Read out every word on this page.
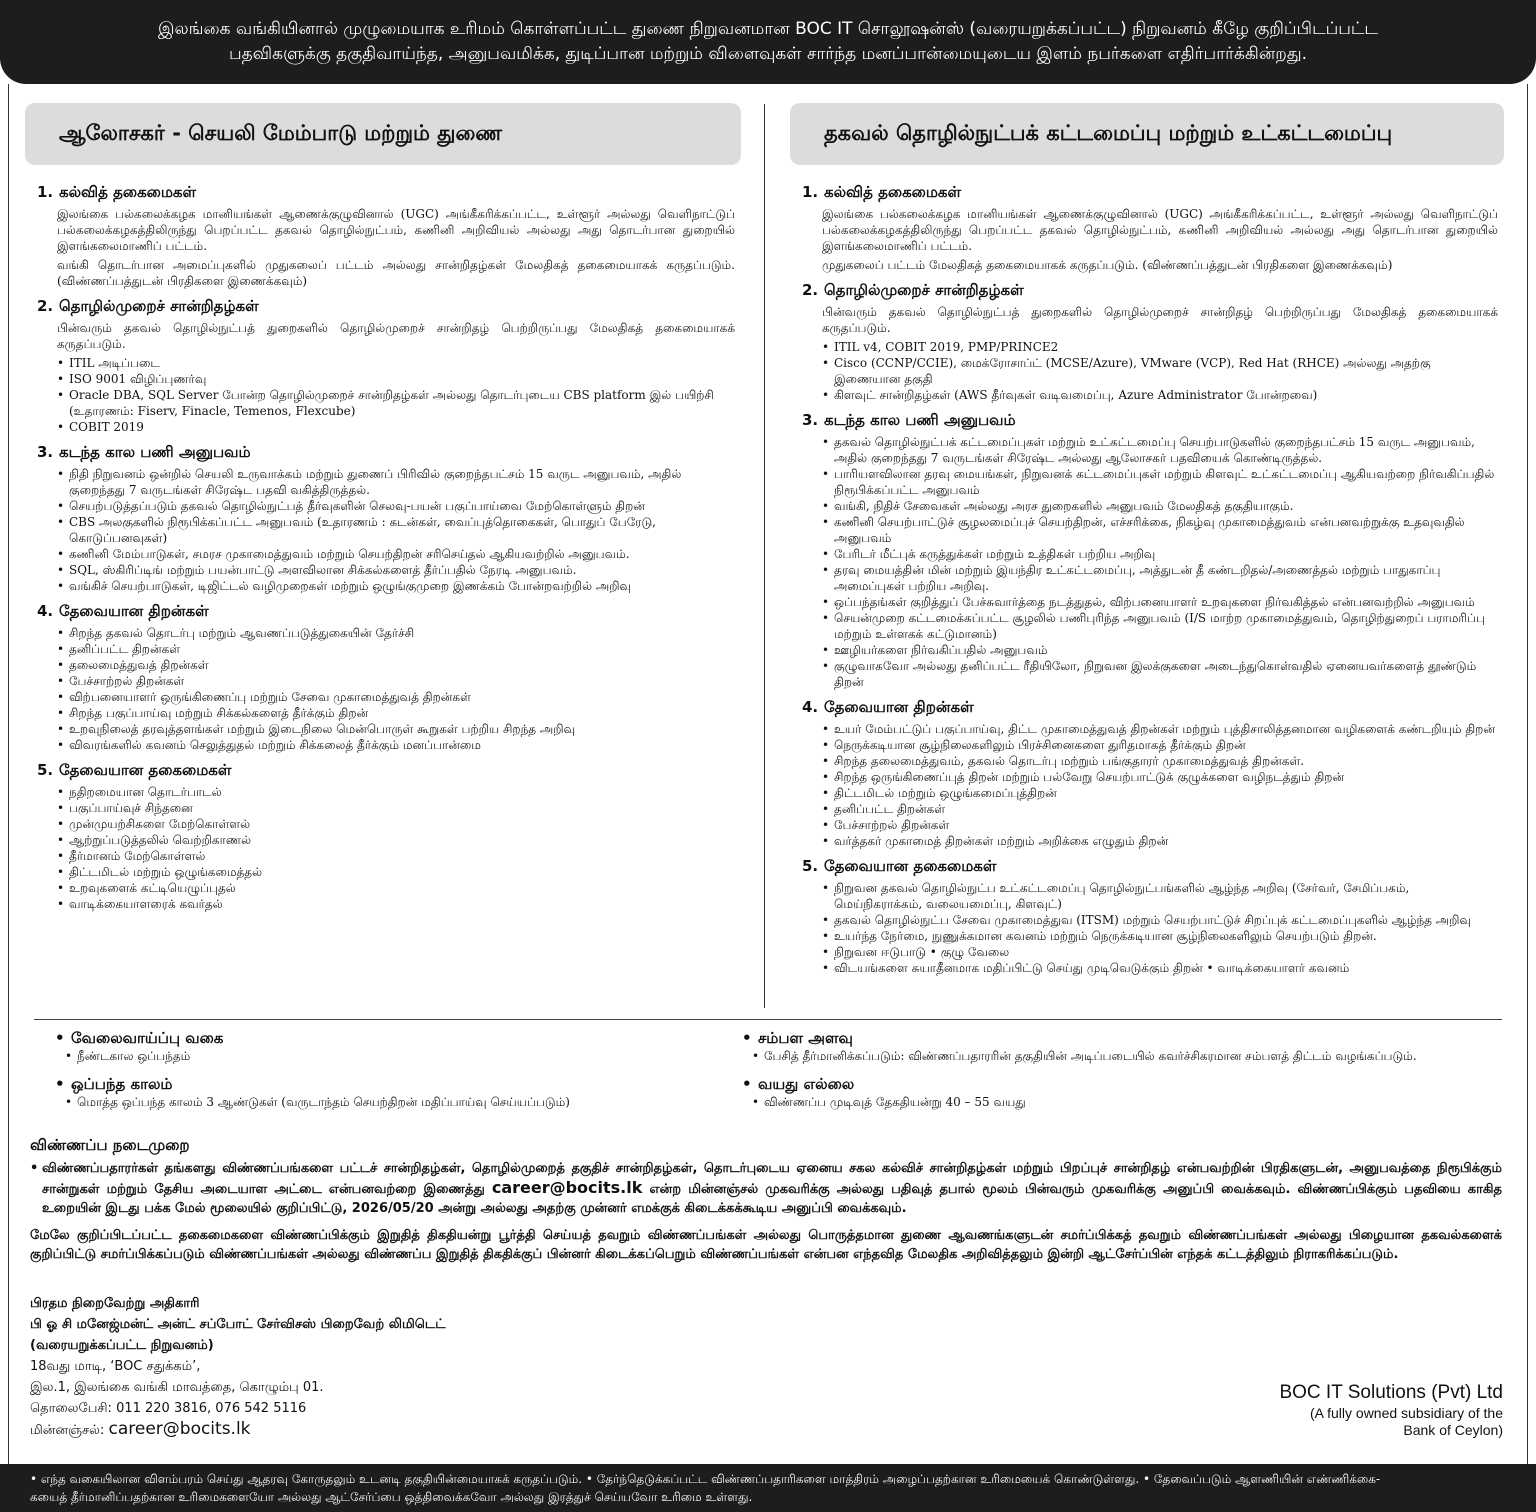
இலங்கை வங்கியினால் முழுமையாக உரிமம் கொள்ளப்பட்ட துணை நிறுவனமான BOC IT சொலூஷன்ஸ் (வரையறுக்கப்பட்ட) நிறுவனம் கீழே குறிப்பிடப்பட்ட
பதவிகளுக்கு தகுதிவாய்ந்த, அனுபவமிக்க, துடிப்பான மற்றும் விளைவுகள் சார்ந்த மனப்பான்மையுடைய இளம் நபர்களை எதிர்பார்க்கின்றது.
ஆலோசகர் - செயலி மேம்பாடு மற்றும் துணை
1. கல்வித் தகைமைகள்
இலங்கை பல்கலைக்கழக மானியங்கள் ஆணைக்குழுவினால் (UGC) அங்கீகரிக்கப்பட்ட, உள்ளூர் அல்லது வெளிநாட்டுப் பல்கலைக்கழகத்திலிருந்து பெறப்பட்ட தகவல் தொழில்நுட்பம், கணினி அறிவியல் அல்லது அது தொடர்பான துறையில் இளங்கலைமாணிப் பட்டம்.
வங்கி தொடர்பான அமைப்புகளில் முதுகலைப் பட்டம் அல்லது சான்றிதழ்கள் மேலதிகத் தகைமையாகக் கருதப்படும். (விண்ணப்பத்துடன் பிரதிகளை இணைக்கவும்)
2. தொழில்முறைச் சான்றிதழ்கள்
பின்வரும் தகவல் தொழில்நுட்பத் துறைகளில் தொழில்முறைச் சான்றிதழ் பெற்றிருப்பது மேலதிகத் தகைமையாகக் கருதப்படும்.
• ITIL அடிப்படை
• ISO 9001 விழிப்புணர்வு
• Oracle DBA, SQL Server போன்ற தொழில்முறைச் சான்றிதழ்கள் அல்லது தொடர்புடைய CBS platform இல் பயிற்சி (உதாரணம்: Fiserv, Finacle, Temenos, Flexcube)
• COBIT 2019
3. கடந்த கால பணி அனுபவம்
• நிதி நிறுவனம் ஒன்றில் செயலி உருவாக்கம் மற்றும் துணைப் பிரிவில் குறைந்தபட்சம் 15 வருட அனுபவம், அதில் குறைந்தது 7 வருடங்கள் சிரேஷ்ட பதவி வகித்திருத்தல்.
• செயற்படுத்தப்படும் தகவல் தொழில்நுட்பத் தீர்வுகளின் செலவு-பயன் பகுப்பாய்வை மேற்கொள்ளும் திறன்
• CBS அலகுகளில் நிரூபிக்கப்பட்ட அனுபவம் (உதாரணம் : கடன்கள், வைப்புத்தொகைகள், பொதுப் பேரேடு, கொடுப்பனவுகள்)
• கணினி மேம்பாடுகள், சமரச முகாமைத்துவம் மற்றும் செயற்திறன் சரிசெய்தல் ஆகியவற்றில் அனுபவம்.
• SQL, ஸ்கிரிப்டிங் மற்றும் பயன்பாட்டு அளவிலான சிக்கல்களைத் தீர்ப்பதில் நேரடி அனுபவம்.
• வங்கிச் செயற்பாடுகள், டிஜிட்டல் வழிமுறைகள் மற்றும் ஒழுங்குமுறை இணக்கம் போன்றவற்றில் அறிவு
4. தேவையான திறன்கள்
• சிறந்த தகவல் தொடர்பு மற்றும் ஆவணப்படுத்துகையின் தேர்ச்சி
• தனிப்பட்ட திறன்கள்
• தலைமைத்துவத் திறன்கள்
• பேச்சாற்றல் திறன்கள்
• விற்பனையாளர் ஒருங்கிணைப்பு மற்றும் சேவை முகாமைத்துவத் திறன்கள்
• சிறந்த பகுப்பாய்வு மற்றும் சிக்கல்களைத் தீர்க்கும் திறன்
• உறவுநிலைத் தரவுத்தளங்கள் மற்றும் இடைநிலை மென்பொருள் கூறுகள் பற்றிய சிறந்த அறிவு
• விவரங்களில் கவனம் செலுத்துதல் மற்றும் சிக்கலைத் தீர்க்கும் மனப்பான்மை
5. தேவையான தகைமைகள்
• நதிறமையான தொடர்பாடல்
• பகுப்பாய்வுச் சிந்தனை
• முன்முயற்சிகளை மேற்கொள்ளல்
• ஆற்றுப்படுத்தலில் வெற்றிகாணல்
• தீர்மானம் மேற்கொள்ளல்
• திட்டமிடல் மற்றும் ஒழுங்கமைத்தல்
• உறவுகளைக் கட்டியெழுப்புதல்
• வாடிக்கையாளரைக் கவர்தல்
தகவல் தொழில்நுட்பக் கட்டமைப்பு மற்றும் உட்கட்டமைப்பு
1. கல்வித் தகைமைகள்
இலங்கை பல்கலைக்கழக மானியங்கள் ஆணைக்குழுவினால் (UGC) அங்கீகரிக்கப்பட்ட, உள்ளூர் அல்லது வெளிநாட்டுப் பல்கலைக்கழகத்திலிருந்து பெறப்பட்ட தகவல் தொழில்நுட்பம், கணினி அறிவியல் அல்லது அது தொடர்பான துறையில் இளங்கலைமாணிப் பட்டம்.
முதுகலைப் பட்டம் மேலதிகத் தகைமையாகக் கருதப்படும். (விண்ணப்பத்துடன் பிரதிகளை இணைக்கவும்)
2. தொழில்முறைச் சான்றிதழ்கள்
பின்வரும் தகவல் தொழில்நுட்பத் துறைகளில் தொழில்முறைச் சான்றிதழ் பெற்றிருப்பது மேலதிகத் தகைமையாகக் கருதப்படும்.
• ITIL v4, COBIT 2019, PMP/PRINCE2
• Cisco (CCNP/CCIE), மைக்ரோசாப்ட் (MCSE/Azure), VMware (VCP), Red Hat (RHCE) அல்லது அதற்கு இணையான தகுதி
• கிளவுட் சான்றிதழ்கள் (AWS தீர்வுகள் வடிவமைப்பு, Azure Administrator போன்றவை)
3. கடந்த கால பணி அனுபவம்
• தகவல் தொழில்நுட்பக் கட்டமைப்புகள் மற்றும் உட்கட்டமைப்பு செயற்பாடுகளில் குறைந்தபட்சம் 15 வருட அனுபவம், அதில் குறைந்தது 7 வருடங்கள் சிரேஷ்ட அல்லது ஆலோசகர் பதவியைக் கொண்டிருத்தல்.
• பாரியளவிலான தரவு மையங்கள், நிறுவனக் கட்டமைப்புகள் மற்றும் கிளவுட் உட்கட்டமைப்பு ஆகியவற்றை நிர்வகிப்பதில் நிரூபிக்கப்பட்ட அனுபவம்
• வங்கி, நிதிச் சேவைகள் அல்லது அரச துறைகளில் அனுபவம் மேலதிகத் தகுதியாகும்.
• கணினி செயற்பாட்டுச் சூழலமைப்புச் செயற்திறன், எச்சரிக்கை, நிகழ்வு முகாமைத்துவம் என்பனவற்றுக்கு உதவுவதில் அனுபவம்
• பேரிடர் மீட்புக் கருத்துக்கள் மற்றும் உத்திகள் பற்றிய அறிவு
• தரவு மையத்தின் மின் மற்றும் இயந்திர உட்கட்டமைப்பு, அத்துடன் தீ கண்டறிதல்/அணைத்தல் மற்றும் பாதுகாப்பு அமைப்புகள் பற்றிய அறிவு.
• ஒப்பந்தங்கள் குறித்துப் பேச்சுவார்த்தை நடத்துதல், விற்பனையாளர் உறவுகளை நிர்வகித்தல் என்பனவற்றில் அனுபவம்
• செயன்முறை கட்டமைக்கப்பட்ட சூழலில் பணிபுரிந்த அனுபவம் (I/S மாற்ற முகாமைத்துவம், தொழிற்துறைப் பராமரிப்பு மற்றும் உள்ளகக் கட்டுமானம்)
• ஊழியர்களை நிர்வகிப்பதில் அனுபவம்
• குழுவாகவோ அல்லது தனிப்பட்ட ரீதியிலோ, நிறுவன இலக்குகளை அடைந்துகொள்வதில் ஏனையவர்களைத் தூண்டும் திறன்
4. தேவையான திறன்கள்
• உயர் மேம்பட்டுப் பகுப்பாய்வு, திட்ட முகாமைத்துவத் திறன்கள் மற்றும் புத்திசாலித்தனமான வழிகளைக் கண்டறியும் திறன்
• நெருக்கடியான சூழ்நிலைகளிலும் பிரச்சினைகளை துரிதமாகத் தீர்க்கும் திறன்
• சிறந்த தலைமைத்துவம், தகவல் தொடர்பு மற்றும் பங்குதாரர் முகாமைத்துவத் திறன்கள்.
• சிறந்த ஒருங்கிணைப்புத் திறன் மற்றும் பல்வேறு செயற்பாட்டுக் குழுக்களை வழிநடத்தும் திறன்
• திட்டமிடல் மற்றும் ஒழுங்கமைப்புத்திறன்
• தனிப்பட்ட திறன்கள்
• பேச்சாற்றல் திறன்கள்
• வர்த்தகர் முகாமைத் திறன்கள் மற்றும் அறிக்கை எழுதும் திறன்
5. தேவையான தகைமைகள்
• நிறுவன தகவல் தொழில்நுட்ப உட்கட்டமைப்பு தொழில்நுட்பங்களில் ஆழ்ந்த அறிவு (சேர்வர், சேமிப்பகம், மெய்நிகராக்கம், வலையமைப்பு, கிளவுட்)
• தகவல் தொழில்நுட்ப சேவை முகாமைத்துவ (ITSM) மற்றும் செயற்பாட்டுச் சிறப்புக் கட்டமைப்புகளில் ஆழ்ந்த அறிவு
• உயர்ந்த நேர்மை, நுணுக்கமான கவனம் மற்றும் நெருக்கடியான சூழ்நிலைகளிலும் செயற்படும் திறன்.
• நிறுவன ஈடுபாடு • குழு வேலை
• விடயங்களை சுயாதீனமாக மதிப்பிட்டு செய்து முடிவெடுக்கும் திறன் • வாடிக்கையாளர் கவனம்
• வேலைவாய்ப்பு வகை
• நீண்டகால ஒப்பந்தம்
• ஒப்பந்த காலம்
• மொத்த ஒப்பந்த காலம் 3 ஆண்டுகள் (வருடாந்தம் செயற்திறன் மதிப்பாய்வு செய்யப்படும்)
• சம்பள அளவு
• பேசித் தீர்மானிக்கப்படும்: விண்ணப்பதாரரின் தகுதியின் அடிப்படையில் கவர்ச்சிகரமான சம்பளத் திட்டம் வழங்கப்படும்.
• வயது எல்லை
• விண்ணப்ப முடிவுத் தேகதியன்று 40 – 55 வயது
விண்ணப்ப நடைமுறை
• விண்ணப்பதாரர்கள் தங்களது விண்ணப்பங்களை பட்டச் சான்றிதழ்கள், தொழில்முறைத் தகுதிச் சான்றிதழ்கள், தொடர்புடைய ஏனைய சகல கல்விச் சான்றிதழ்கள் மற்றும் பிறப்புச் சான்றிதழ் என்பவற்றின் பிரதிகளுடன், அனுபவத்தை நிரூபிக்கும் சான்றுகள் மற்றும் தேசிய அடையாள அட்டை என்பனவற்றை இணைத்து career@bocits.lk என்ற மின்னஞ்சல் முகவரிக்கு அல்லது பதிவுத் தபால் மூலம் பின்வரும் முகவரிக்கு அனுப்பி வைக்கவும். விண்ணப்பிக்கும் பதவியை காகித உறையின் இடது பக்க மேல் மூலையில் குறிப்பிட்டு, 2026/05/20 அன்று அல்லது அதற்கு முன்னர் எமக்குக் கிடைக்கக்கூடிய அனுப்பி வைக்கவும்.
மேலே குறிப்பிடப்பட்ட தகைமைகளை விண்ணப்பிக்கும் இறுதித் திகதியன்று பூர்த்தி செய்யத் தவறும் விண்ணப்பங்கள் அல்லது பொருத்தமான துணை ஆவணங்களுடன் சமர்ப்பிக்கத் தவறும் விண்ணப்பங்கள் அல்லது பிழையான தகவல்களைக் குறிப்பிட்டு சமர்ப்பிக்கப்படும் விண்ணப்பங்கள் அல்லது விண்ணப்ப இறுதித் திகதிக்குப் பின்னர் கிடைக்கப்பெறும் விண்ணப்பங்கள் என்பன எந்தவித மேலதிக அறிவித்தலும் இன்றி ஆட்சேர்ப்பின் எந்தக் கட்டத்திலும் நிராகரிக்கப்படும்.
பிரதம நிறைவேற்று அதிகாரி
பி ஓ சி மனேஜ்மன்ட் அன்ட் சப்போட் சேர்விசஸ் பிறைவேற் லிமிடெட்
(வரையறுக்கப்பட்ட நிறுவனம்)
18வது மாடி, ‘BOC சதுக்கம்’,
இல.1, இலங்கை வங்கி மாவத்தை, கொழும்பு 01.
தொலைபேசி: 011 220 3816, 076 542 5116
மின்னஞ்சல்: career@bocits.lk
BOC IT Solutions (Pvt) Ltd
(A fully owned subsidiary of the
Bank of Ceylon)
• எந்த வகையிலான விளம்பரம் செய்து ஆதரவு கோருதலும் உடனடி தகுதியின்மையாகக் கருதப்படும். • தேர்ந்தெடுக்கப்பட்ட விண்ணப்பதாரிகளை மாத்திரம் அழைப்பதற்கான உரிமையைக் கொண்டுள்ளது. • தேவைப்படும் ஆளணியின் எண்ணிக்கை-
கயைத் தீர்மானிப்பதற்கான உரிமைகளையோ அல்லது ஆட்சேர்ப்பை ஒத்திவைக்கவோ அல்லது இரத்துச் செய்யவோ உரிமை உள்ளது.
